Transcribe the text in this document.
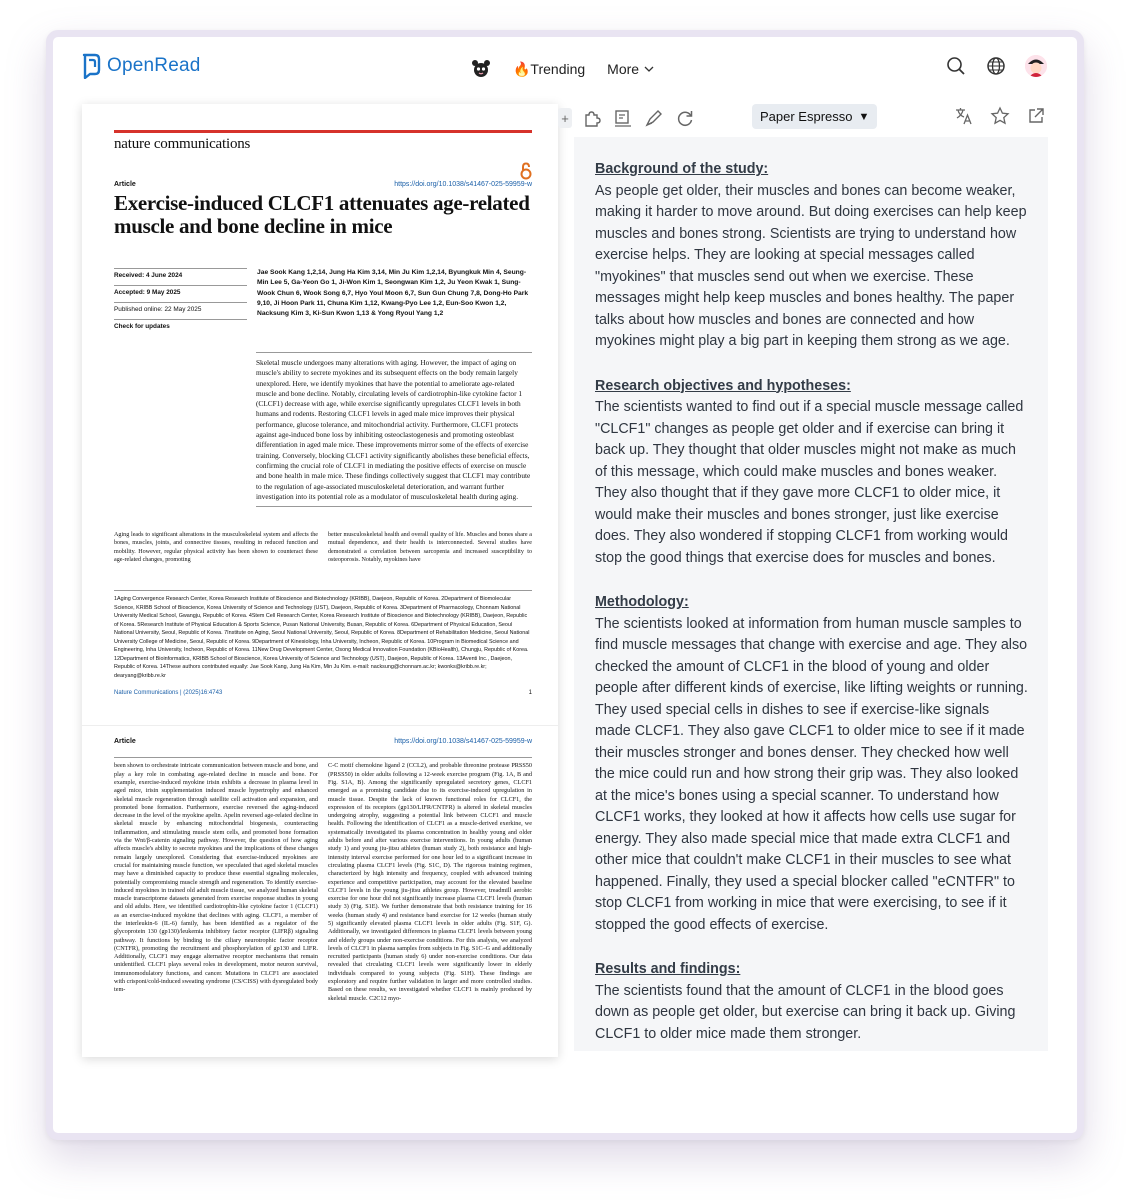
OpenRead	🔥Trending More
nature communications
Article	https://doi.org/10.1038/s41467-025-59959-w
Exercise-induced CLCF1 attenuates age-related muscle and bone decline in mice
Received: 4 June 2024
Accepted: 9 May 2025
Published online: 22 May 2025
Check for updates
Jae Sook Kang 1,2,14, Jung Ha Kim 3,14, Min Ju Kim 1,2,14, Byungkuk Min 4, Seung-Min Lee 5, Ga-Yeon Go 1, Ji-Won Kim 1, Seongwan Kim 1,2, Ju Yeon Kwak 1, Sung-Wook Chun 6, Wook Song 6,7, Hyo Youl Moon 6,7, Sun Gun Chung 7,8, Dong-Ho Park 9,10, Ji Hoon Park 11, Chuna Kim 1,12, Kwang-Pyo Lee 1,2, Eun-Soo Kwon 1,2, Nacksung Kim 3, Ki-Sun Kwon 1,13 & Yong Ryoul Yang 1,2
Skeletal muscle undergoes many alterations with aging. However, the impact of aging on muscle's ability to secrete myokines and its subsequent effects on the body remain largely unexplored. Here, we identify myokines that have the potential to ameliorate age-related muscle and bone decline. Notably, circulating levels of cardiotrophin-like cytokine factor 1 (CLCF1) decrease with age, while exercise significantly upregulates CLCF1 levels in both humans and rodents. Restoring CLCF1 levels in aged male mice improves their physical performance, glucose tolerance, and mitochondrial activity. Furthermore, CLCF1 protects against age-induced bone loss by inhibiting osteoclastogenesis and promoting osteoblast differentiation in aged male mice. These improvements mirror some of the effects of exercise training. Conversely, blocking CLCF1 activity significantly abolishes these beneficial effects, confirming the crucial role of CLCF1 in mediating the positive effects of exercise on muscle and bone health in male mice. These findings collectively suggest that CLCF1 may contribute to the regulation of age-associated musculoskeletal deterioration, and warrant further investigation into its potential role as a modulator of musculoskeletal health during aging.
Aging leads to significant alterations in the musculoskeletal system and affects the bones, muscles, joints, and connective tissues, resulting in reduced function and mobility. However, regular physical activity has been shown to counteract these age-related changes, promoting
better musculoskeletal health and overall quality of life. Muscles and bones share a mutual dependence, and their health is interconnected. Several studies have demonstrated a correlation between sarcopenia and increased susceptibility to osteoporosis. Notably, myokines have
1Aging Convergence Research Center, Korea Research Institute of Bioscience and Biotechnology (KRIBB), Daejeon, Republic of Korea. 2Department of Biomolecular Science, KRIBB School of Bioscience, Korea University of Science and Technology (UST), Daejeon, Republic of Korea. 3Department of Pharmacology, Chonnam National University Medical School, Gwangju, Republic of Korea. 4Stem Cell Research Center, Korea Research Institute of Bioscience and Biotechnology (KRIBB), Daejeon, Republic of Korea. 5Research Institute of Physical Education & Sports Science, Pusan National University, Busan, Republic of Korea. 6Department of Physical Education, Seoul National University, Seoul, Republic of Korea. 7Institute on Aging, Seoul National University, Seoul, Republic of Korea. 8Department of Rehabilitation Medicine, Seoul National University College of Medicine, Seoul, Republic of Korea. 9Department of Kinesiology, Inha University, Incheon, Republic of Korea. 10Program in Biomedical Science and Engineering, Inha University, Incheon, Republic of Korea. 11New Drug Development Center, Osong Medical Innovation Foundation (KBioHealth), Chungju, Republic of Korea. 12Department of Bioinformatics, KRIBB School of Bioscience, Korea University of Science and Technology (UST), Daejeon, Republic of Korea. 13Aventi Inc., Daejeon, Republic of Korea. 14These authors contributed equally: Jae Sook Kang, Jung Ha Kim, Min Ju Kim. e-mail: nacksung@chonnam.ac.kr; kwonks@kribb.re.kr; dearyang@kribb.re.kr
Nature Communications | (2025)16:4743	1
Article	https://doi.org/10.1038/s41467-025-59959-w
been shown to orchestrate intricate communication between muscle and bone, and play a key role in combating age-related decline in muscle and bone. For example, exercise-induced myokine irisin exhibits a decrease in plasma level in aged mice, irisin supplementation induced muscle hypertrophy and enhanced skeletal muscle regeneration through satellite cell activation and expansion, and promoted bone formation. Furthermore, exercise reversed the aging-induced decrease in the level of the myokine apelin. Apelin reversed age-related decline in skeletal muscle by enhancing mitochondrial biogenesis, counteracting inflammation, and stimulating muscle stem cells, and promoted bone formation via the Wnt/β-catenin signaling pathway. However, the question of how aging affects muscle's ability to secrete myokines and the implications of these changes remain largely unexplored. Considering that exercise-induced myokines are crucial for maintaining muscle function, we speculated that aged skeletal muscles may have a diminished capacity to produce these essential signaling molecules, potentially compromising muscle strength and regeneration. To identify exercise-induced myokines in trained old adult muscle tissue, we analyzed human skeletal muscle transcriptome datasets generated from exercise response studies in young and old adults. Here, we identified cardiotrophin-like cytokine factor 1 (CLCF1) as an exercise-induced myokine that declines with aging. CLCF1, a member of the interleukin-6 (IL-6) family, has been identified as a regulator of the glycoprotein 130 (gp130)/leukemia inhibitory factor receptor (LIFRβ) signaling pathway. It functions by binding to the ciliary neurotrophic factor receptor (CNTFR), promoting the recruitment and phosphorylation of gp130 and LIFR. Additionally, CLCF1 may engage alternative receptor mechanisms that remain unidentified. CLCF1 plays several roles in development, motor neuron survival, immunomodulatory functions, and cancer. Mutations in CLCF1 are associated with crisponi/cold-induced sweating syndrome (CS/CISS) with dysregulated body tem-
C-C motif chemokine ligand 2 (CCL2), and probable threonine protease PRSS50 (PRSS50) in older adults following a 12-week exercise program (Fig. 1A, B and Fig. S1A, B). Among the significantly upregulated secretory genes, CLCF1 emerged as a promising candidate due to its exercise-induced upregulation in muscle tissue. Despite the lack of known functional roles for CLCF1, the expression of its receptors (gp130/LIFR/CNTFR) is altered in skeletal muscles undergoing atrophy, suggesting a potential link between CLCF1 and muscle health. Following the identification of CLCF1 as a muscle-derived exerkine, we systematically investigated its plasma concentration in healthy young and older adults before and after various exercise interventions. In young adults (human study 1) and young jiu-jitsu athletes (human study 2), both resistance and high-intensity interval exercise performed for one hour led to a significant increase in circulating plasma CLCF1 levels (Fig. S1C, D). The rigorous training regimen, characterized by high intensity and frequency, coupled with advanced training experience and competitive participation, may account for the elevated baseline CLCF1 levels in the young jiu-jitsu athletes group. However, treadmill aerobic exercise for one hour did not significantly increase plasma CLCF1 levels (human study 3) (Fig. S1E). We further demonstrate that both resistance training for 16 weeks (human study 4) and resistance band exercise for 12 weeks (human study 5) significantly elevated plasma CLCF1 levels in older adults (Fig. S1F, G). Additionally, we investigated differences in plasma CLCF1 levels between young and elderly groups under non-exercise conditions. For this analysis, we analyzed levels of CLCF1 in plasma samples from subjects in Fig. S1C–G and additionally recruited participants (human study 6) under non-exercise conditions. Our data revealed that circulating CLCF1 levels were significantly lower in elderly individuals compared to young subjects (Fig. S1H). These findings are exploratory and require further validation in larger and more controlled studies. Based on these results, we investigated whether CLCF1 is mainly produced by skeletal muscle. C2C12 myo-
+	Paper Espresso ▼
Background of the study:

As people get older, their muscles and bones can become weaker, making it harder to move around. But doing exercises can help keep muscles and bones strong. Scientists are trying to understand how exercise helps. They are looking at special messages called "myokines" that muscles send out when we exercise. These messages might help keep muscles and bones healthy. The paper talks about how muscles and bones are connected and how myokines might play a big part in keeping them strong as we age.

Research objectives and hypotheses:

The scientists wanted to find out if a special muscle message called "CLCF1" changes as people get older and if exercise can bring it back up. They thought that older muscles might not make as much of this message, which could make muscles and bones weaker. They also thought that if they gave more CLCF1 to older mice, it would make their muscles and bones stronger, just like exercise does. They also wondered if stopping CLCF1 from working would stop the good things that exercise does for muscles and bones.

Methodology:

The scientists looked at information from human muscle samples to find muscle messages that change with exercise and age. They also checked the amount of CLCF1 in the blood of young and older people after different kinds of exercise, like lifting weights or running. They used special cells in dishes to see if exercise-like signals made CLCF1. They also gave CLCF1 to older mice to see if it made their muscles stronger and bones denser. They checked how well the mice could run and how strong their grip was. They also looked at the mice's bones using a special scanner. To understand how CLCF1 works, they looked at how it affects how cells use sugar for energy. They also made special mice that made extra CLCF1 and other mice that couldn't make CLCF1 in their muscles to see what happened. Finally, they used a special blocker called "eCNTFR" to stop CLCF1 from working in mice that were exercising, to see if it stopped the good effects of exercise.

Results and findings:

The scientists found that the amount of CLCF1 in the blood goes down as people get older, but exercise can bring it back up. Giving CLCF1 to older mice made them stronger.
